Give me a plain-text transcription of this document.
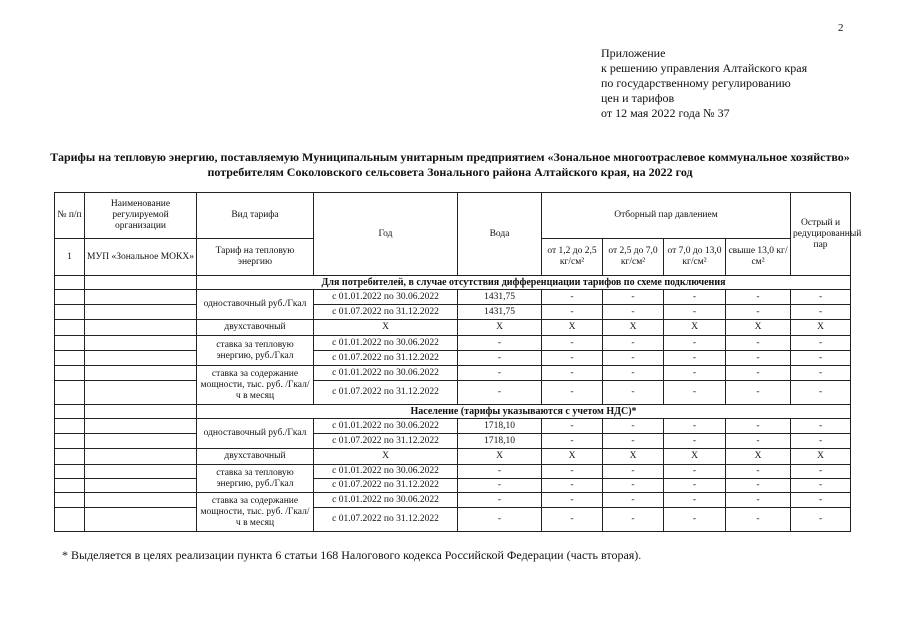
2
Приложение
к решению управления Алтайского края
по государственному регулированию
цен и тарифов
от 12 мая 2022 года № 37
Тарифы на тепловую энергию, поставляемую Муниципальным унитарным предприятием «Зональное многоотраслевое коммунальное хозяйство» потребителям Соколовского сельсовета Зонального района Алтайского края, на 2022 год
№ п/п	Наименование регулируемой организации	Вид тарифа	Год	Вода	Отборный пар давлением				Острый и редуцированный пар
1	МУП «Зональное МОКХ»	Тариф на тепловую энергию			от 1,2 до 2,5 кг/см²	от 2,5 до 7,0 кг/см²	от 7,0 до 13,0 кг/см²	свыше 13,0 кг/см²	
		Для потребителей, в случае отсутствия дифференциации тарифов по схеме подключения							
		одноставочный руб./Гкал	с 01.01.2022 по 30.06.2022	1431,75	-	-	-	-	-
			с 01.07.2022 по 31.12.2022	1431,75	-	-	-	-	-
		двухставочный	X	X	X	X	X	X	X
		ставка за тепловую энергию, руб./Гкал	с 01.01.2022 по 30.06.2022	-	-	-	-	-	-
			с 01.07.2022 по 31.12.2022	-	-	-	-	-	-
		ставка за содержание мощности, тыс. руб. /Гкал/ч в месяц	с 01.01.2022 по 30.06.2022	-	-	-	-	-	-
			с 01.07.2022 по 31.12.2022	-	-	-	-	-	-
		Население (тарифы указываются с учетом НДС)*							
		одноставочный руб./Гкал	с 01.01.2022 по 30.06.2022	1718,10	-	-	-	-	-
			с 01.07.2022 по 31.12.2022	1718,10	-	-	-	-	-
		двухставочный	X	X	X	X	X	X	X
		ставка за тепловую энергию, руб./Гкал	с 01.01.2022 по 30.06.2022	-	-	-	-	-	-
			с 01.07.2022 по 31.12.2022	-	-	-	-	-	-
		ставка за содержание мощности, тыс. руб. /Гкал/ч в месяц	с 01.01.2022 по 30.06.2022	-	-	-	-	-	-
			с 01.07.2022 по 31.12.2022	-	-	-	-	-	-
* Выделяется в целях реализации пункта 6 статьи 168 Налогового кодекса Российской Федерации (часть вторая).
